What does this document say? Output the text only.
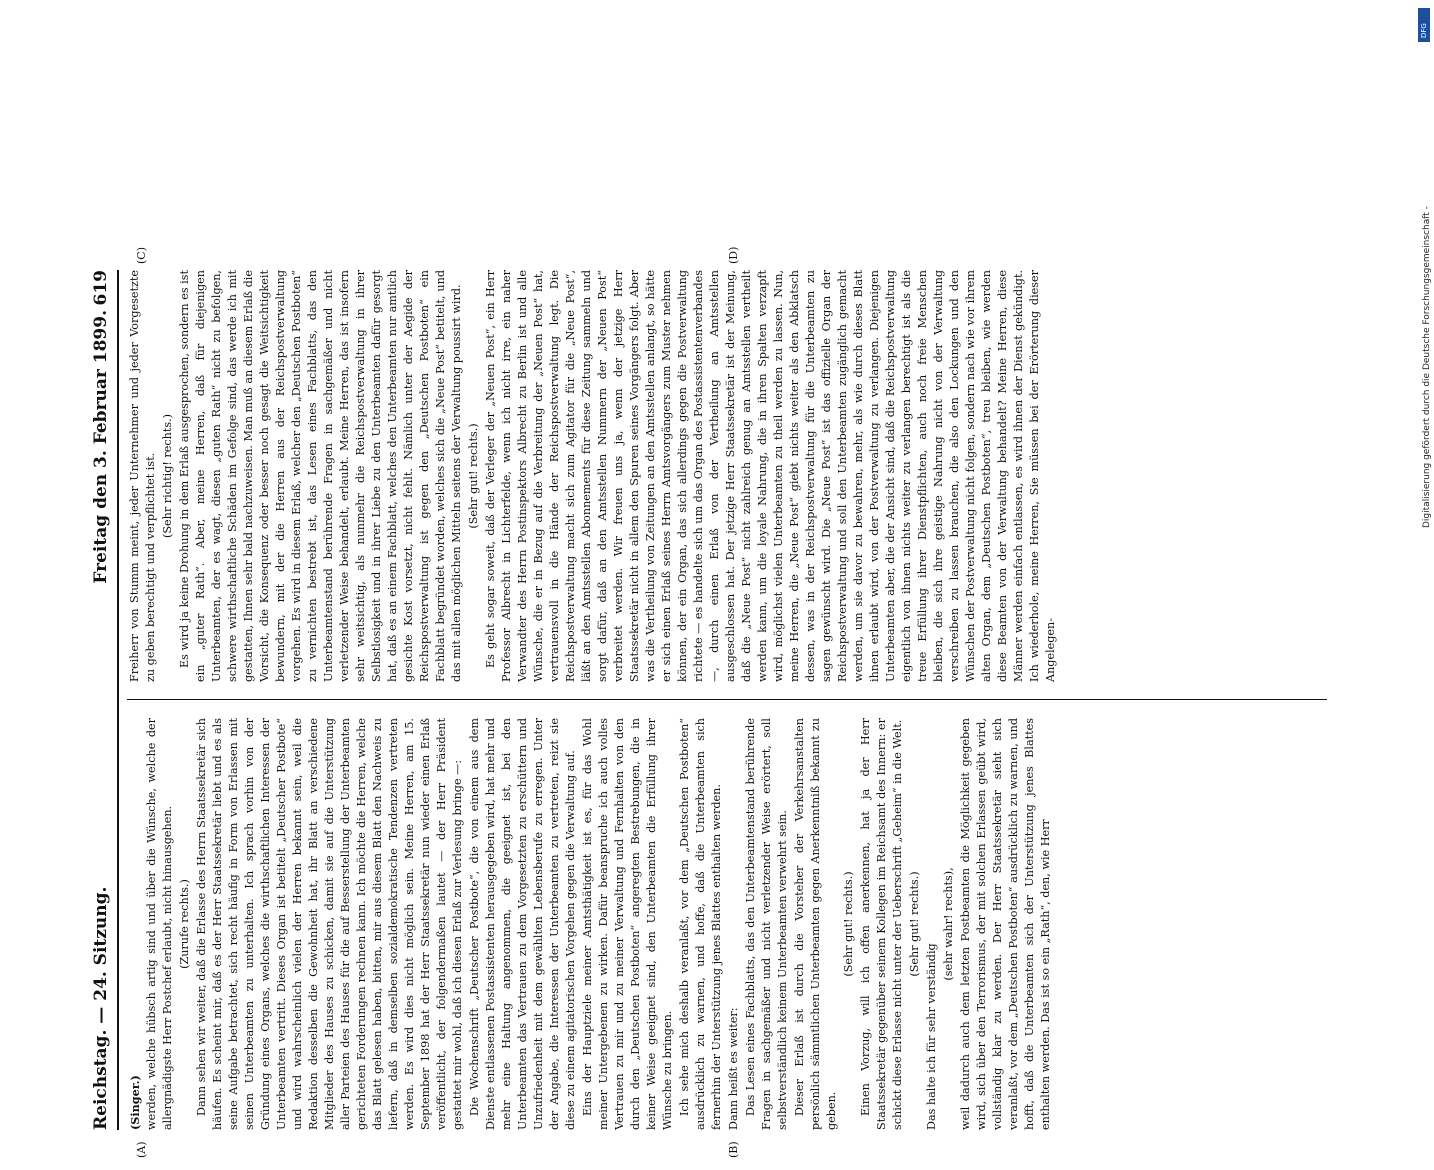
Reichstag. — 24. Sitzung.
Freitag den 3. Februar 1899.
619

(Singer.) werden, welche hübsch artig sind und über die Wünsche, welche der allergnädigste Herr Postchef erlaubt, nicht hinausgehen. (Zurufe rechts.) Dann sehen wir weiter, daß die Erlasse des Herrn Staatssekretär sich häufen. Es scheint mir, daß es der Herr Staatssekretär liebt und es als seine Aufgabe betrachtet, sich recht häufig in Form von Erlassen mit seinen Unterbeamten zu unterhalten. Ich sprach vorhin von der Gründung eines Organs, welches die wirthschaftlichen Interessen der Unterbeamten vertritt. Dieses Organ ist betitelt „Deutscher Postbote“ und wird wahrscheinlich vielen der Herren bekannt sein, weil die Redaktion desselben die Gewohnheit hat, ihr Blatt an verschiedene Mitglieder des Hauses zu schicken, damit sie auf die Unterstützung aller Parteien des Hauses für die auf Besserstellung der Unterbeamten gerichteten Forderungen rechnen kann. Ich möchte die Herren, welche das Blatt gelesen haben, bitten, mir aus diesem Blatt den Nachweis zu liefern, daß in demselben sozialdemokratische Tendenzen vertreten werden. Es wird dies nicht möglich sein. Meine Herren, am 15. September 1898 hat der Herr Staatssekretär nun wieder einen Erlaß veröffentlicht, der folgendermaßen lautet — der Herr Präsident gestattet mir wohl, daß ich diesen Erlaß zur Verlesung bringe —: Die Wochenschrift „Deutscher Postbote“, die von einem aus dem Dienste entlassenen Postassistenten herausgegeben wird, hat mehr und mehr eine Haltung angenommen, die geeignet ist, bei den Unterbeamten das Vertrauen zu dem Vorgesetzten zu erschüttern und Unzufriedenheit mit dem gewählten Lebensberufe zu erregen. Unter der Angabe, die Interessen der Unterbeamten zu vertreten, reizt sie diese zu einem agitatorischen Vorgehen gegen die Verwaltung auf. Eins der Hauptziele meiner Amtsthätigkeit ist es, für das Wohl meiner Untergebenen zu wirken. Dafür beanspruche ich auch volles Vertrauen zu mir und zu meiner Verwaltung und Fernhalten von den durch den „Deutschen Postboten“ angeregten Bestrebungen, die in keiner Weise geeignet sind, den Unterbeamten die Erfüllung ihrer Wünsche zu bringen. Ich sehe mich deshalb veranlaßt, vor dem „Deutschen Postboten“ ausdrücklich zu warnen, und hoffe, daß die Unterbeamten sich fernerhin der Unterstützung jenes Blattes enthalten werden. Dann heißt es weiter: Das Lesen eines Fachblatts, das den Unterbeamtenstand berührende Fragen in sachgemäßer und nicht verletzender Weise erörtert, soll selbstverständlich keinem Unterbeamten verwehrt sein. Dieser Erlaß ist durch die Vorsteher der Verkehrsanstalten persönlich sämmtlichen Unterbeamten gegen Anerkenntniß bekannt zu geben.

(Sehr gut! rechts.) Einen Vorzug, will ich offen anerkennen, hat ja der Herr Staatssekretär gegenüber seinem Kollegen im Reichsamt des Innern: er schickt diese Erlasse nicht unter der Ueberschrift „Geheim“ in die Welt. (Sehr gut! rechts.)

Das halte ich für sehr verständig

(sehr wahr! rechts), weil dadurch auch dem letzten Postbeamten die Möglichkeit gegeben wird, sich über den Terrorismus, der mit solchen Erlassen geübt wird, vollständig klar zu werden. Der Herr Staatssekretär sieht sich veranlaßt, vor dem „Deutschen Postboten“ ausdrücklich zu warnen, und hofft, daß die Unterbeamten sich der Unterstützung jenes Blattes enthalten werden. Das ist so ein „Rath“, den, wie Herr

Freiherr von Stumm meint, jeder Unternehmer und jeder Vorgesetzte zu geben berechtigt und verpflichtet ist. (Sehr richtig! rechts.) Es wird ja keine Drohung in dem Erlaß ausgesprochen, sondern es ist ein „guter Rath“. Aber, meine Herren, daß für diejenigen Unterbeamten, der es wagt, diesen „guten Rath“ nicht zu befolgen, schwere wirthschaftliche Schäden im Gefolge sind, das werde ich mit gestatten, Ihnen sehr bald nachzuweisen. Man muß an diesem Erlaß die Vorsicht, die Konsequenz oder besser noch gesagt die Weitsichtigkeit bewundern, mit der die Herren aus der Reichspostverwaltung vorgehen. Es wird in diesem Erlaß, welcher den „Deutschen Postboten“ zu vernichten bestrebt ist, das Lesen eines Fachblatts, das den Unterbeamtenstand berührende Fragen in sachgemäßer und nicht verletzender Weise behandelt, erlaubt. Meine Herren, das ist insofern sehr weitsichtig, als nunmehr die Reichspostverwaltung in ihrer Selbstlosigkeit und in ihrer Liebe zu den Unterbeamten dafür gesorgt hat, daß es an einem Fachblatt, welches den Unterbeamten nur amtlich gesichte Kost vorsetzt, nicht fehlt. Nämlich unter der Aegide der Reichspostverwaltung ist gegen den „Deutschen Postboten“ ein Fachblatt begründet worden, welches sich die „Neue Post“ betitelt, und das mit allen möglichen Mitteln seitens der Verwaltung poussirt wird. (Sehr gut! rechts.) Es geht sogar soweit, daß der Verleger der „Neuen Post“, ein Herr Professor Albrecht in Lichterfelde, wenn ich nicht irre, ein naher Verwandter des Herrn Postinspektors Albrecht zu Berlin ist und alle Wünsche, die er in Bezug auf die Verbreitung der „Neuen Post“ hat, vertrauensvoll in die Hände der Reichspostverwaltung legt. Die Reichspostverwaltung macht sich zum Agitator für die „Neue Post“, läßt an den Amtsstellen Abonnements für diese Zeitung sammeln und sorgt dafür, daß an den Amtsstellen Nummern der „Neuen Post“ verbreitet werden. Wir freuen uns ja, wenn der jetzige Herr Staatssekretär nicht in allem den Spuren seines Vorgängers folgt. Aber was die Vertheilung von Zeitungen an den Amtsstellen anlangt, so hätte er sich einen Erlaß seines Herrn Amtsvorgängers zum Muster nehmen können, der ein Organ, das sich allerdings gegen die Postverwaltung richtete — es handelte sich um das Organ des Postassistentenverbandes —, durch einen Erlaß von der Vertheilung an Amtsstellen ausgeschlossen hat. Der jetzige Herr Staatssekretär ist der Meinung, daß die „Neue Post“ nicht zahlreich genug an Amtsstellen vertheilt werden kann, um die loyale Nahrung, die in ihren Spalten verzapft wird, möglichst vielen Unterbeamten zu theil werden zu lassen. Nun, meine Herren, die „Neue Post“ giebt nichts weiter als den Abklatsch dessen, was in der Reichspostverwaltung für die Unterbeamten zu sagen gewünscht wird. Die „Neue Post“ ist das offizielle Organ der Reichspostverwaltung und soll den Unterbeamten zugänglich gemacht werden, um sie davor zu bewahren, mehr, als wie durch dieses Blatt ihnen erlaubt wird, von der Postverwaltung zu verlangen. Diejenigen Unterbeamten aber, die der Ansicht sind, daß die Reichspostverwaltung eigentlich von ihnen nichts weiter zu verlangen berechtigt ist als die treue Erfüllung ihrer Dienstpflichten, auch noch freie Menschen bleiben, die sich ihre geistige Nahrung nicht von der Verwaltung verschreiben zu lassen brauchen, die also den Lockungen und den Wünschen der Postverwaltung nicht folgen, sondern nach wie vor ihrem alten Organ, dem „Deutschen Postboten“, treu bleiben, wie werden diese Beamten von der Verwaltung behandelt? Meine Herren, diese Männer werden einfach entlassen, es wird ihnen der Dienst gekündigt. Ich wiederhole, meine Herren, Sie müssen bei der Erörterung dieser Angelegen-

(A)	(B)
(C)	(D)	Digitalisierung gefördert durch die Deutsche Forschungsgemeinschaft -
DFG
